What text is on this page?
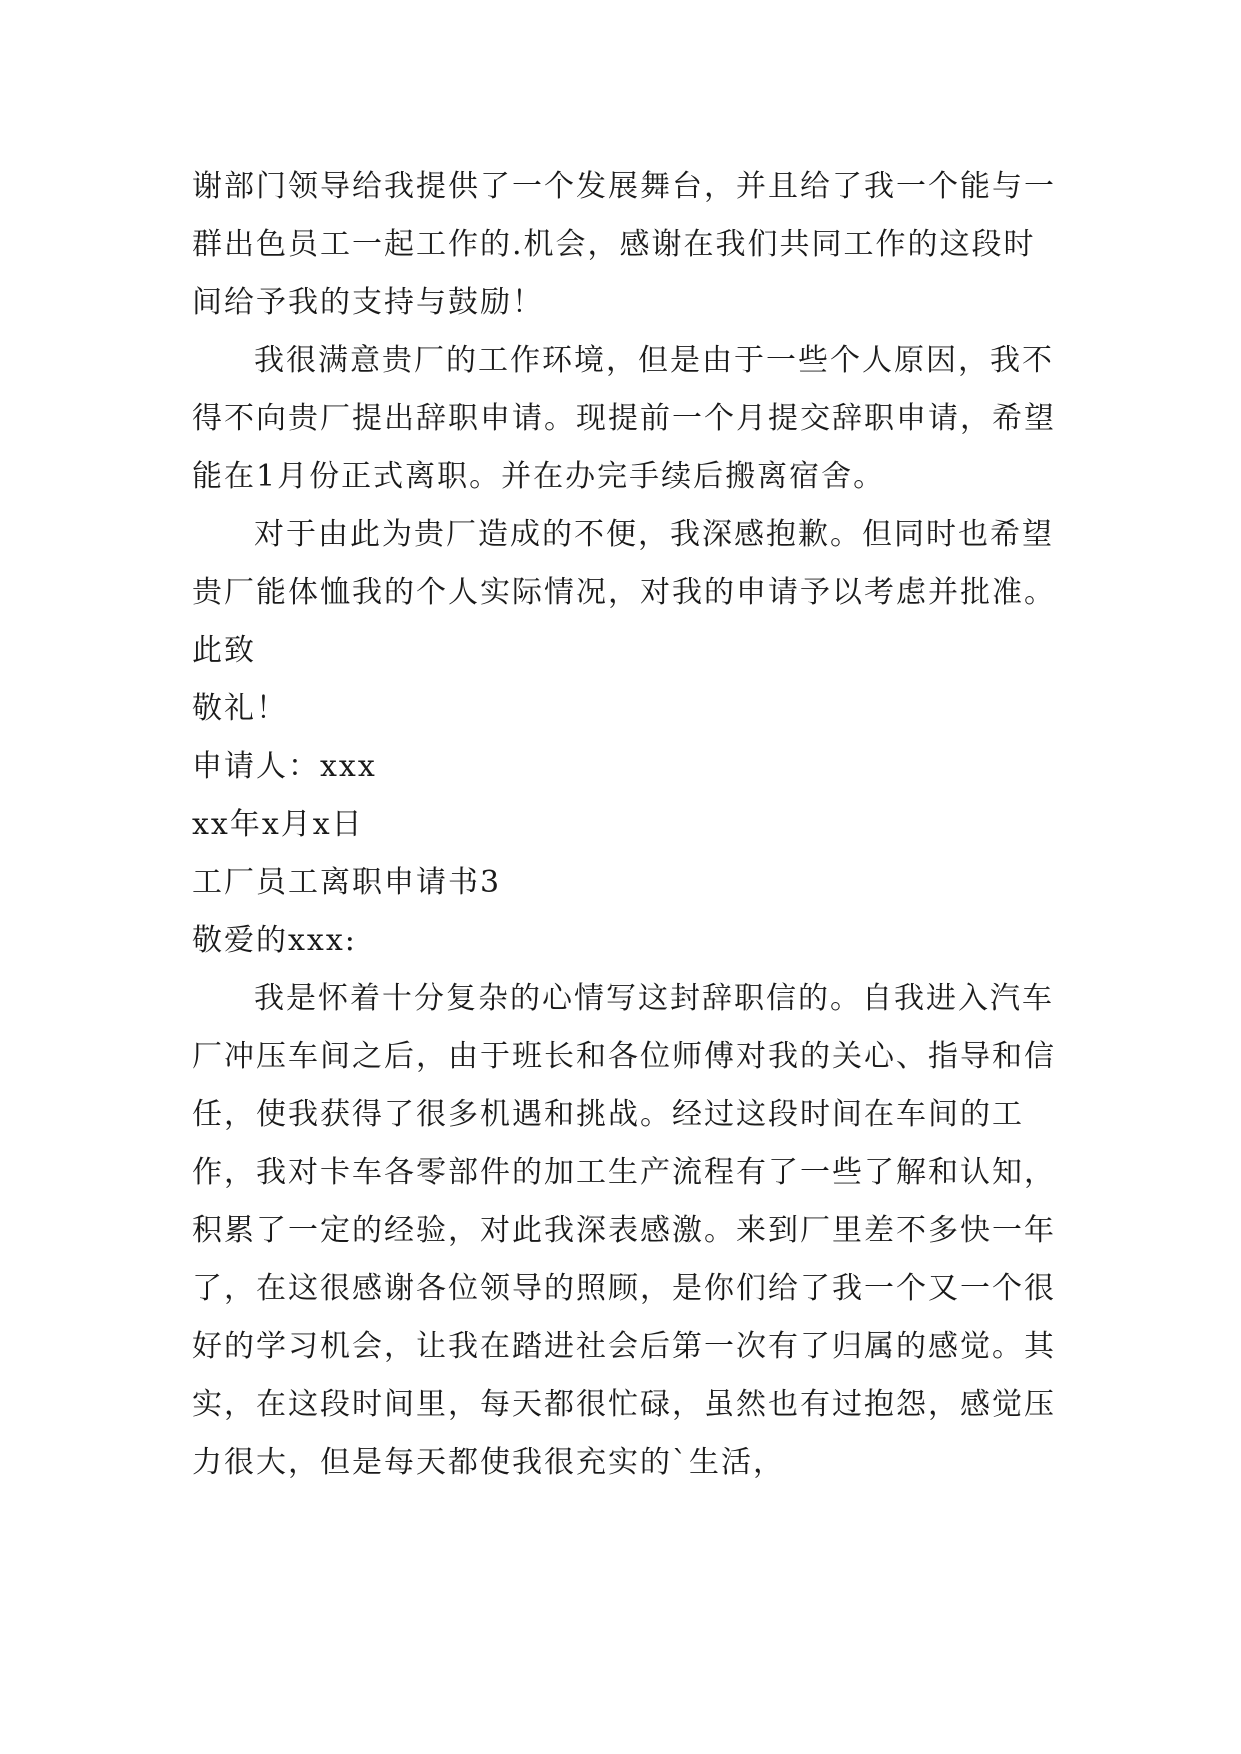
谢部门领导给我提供了一个发展舞台，并且给了我一个能与一群出色员工一起工作的.机会，感谢在我们共同工作的这段时间给予我的支持与鼓励！

我很满意贵厂的工作环境，但是由于一些个人原因，我不得不向贵厂提出辞职申请。现提前一个月提交辞职申请，希望能在1月份正式离职。并在办完手续后搬离宿舍。

对于由此为贵厂造成的不便，我深感抱歉。但同时也希望贵厂能体恤我的个人实际情况，对我的申请予以考虑并批准。

此致

敬礼！

申请人：xxx

xx年x月x日

工厂员工离职申请书3

敬爱的xxx:

我是怀着十分复杂的心情写这封辞职信的。自我进入汽车厂冲压车间之后，由于班长和各位师傅对我的关心、指导和信任，使我获得了很多机遇和挑战。经过这段时间在车间的工作，我对卡车各零部件的加工生产流程有了一些了解和认知，积累了一定的经验，对此我深表感激。来到厂里差不多快一年了，在这很感谢各位领导的照顾，是你们给了我一个又一个很好的学习机会，让我在踏进社会后第一次有了归属的感觉。其实，在这段时间里，每天都很忙碌，虽然也有过抱怨，感觉压力很大，但是每天都使我很充实的`生活，
